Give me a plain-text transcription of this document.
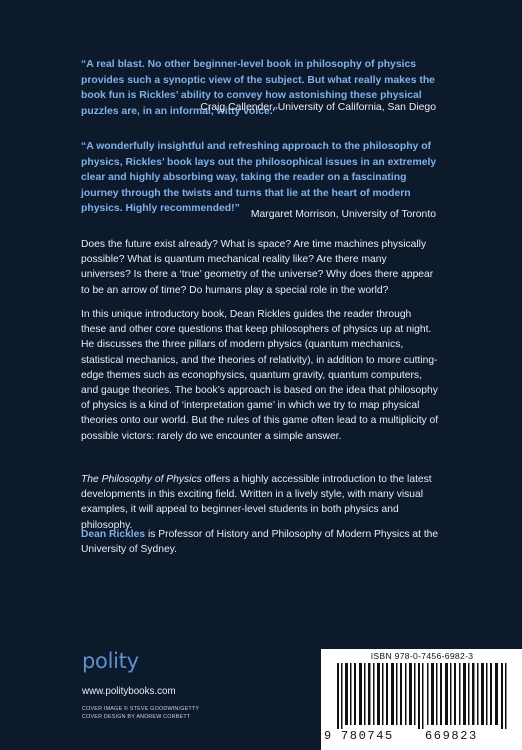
“A real blast. No other beginner-level book in philosophy of physics provides such a synoptic view of the subject. But what really makes the book fun is Rickles’ ability to convey how astonishing these physical puzzles are, in an informal, witty voice.”
Craig Callender, University of California, San Diego
“A wonderfully insightful and refreshing approach to the philosophy of physics, Rickles’ book lays out the philosophical issues in an extremely clear and highly absorbing way, taking the reader on a fascinating journey through the twists and turns that lie at the heart of modern physics. Highly recommended!”
Margaret Morrison, University of Toronto
Does the future exist already? What is space? Are time machines physically possible? What is quantum mechanical reality like? Are there many universes? Is there a ‘true’ geometry of the universe? Why does there appear to be an arrow of time? Do humans play a special role in the world?
In this unique introductory book, Dean Rickles guides the reader through these and other core questions that keep philosophers of physics up at night. He discusses the three pillars of modern physics (quantum mechanics, statistical mechanics, and the theories of relativity), in addition to more cutting-edge themes such as econophysics, quantum gravity, quantum computers, and gauge theories. The book’s approach is based on the idea that philosophy of physics is a kind of ‘interpretation game’ in which we try to map physical theories onto our world. But the rules of this game often lead to a multiplicity of possible victors: rarely do we encounter a simple answer.
The Philosophy of Physics offers a highly accessible introduction to the latest developments in this exciting field. Written in a lively style, with many visual examples, it will appeal to beginner-level students in both physics and philosophy.
Dean Rickles is Professor of History and Philosophy of Modern Physics at the University of Sydney.
polity
www.politybooks.com
COVER IMAGE © STEVE GOODWIN/GETTY
COVER DESIGN BY ANDREW CORBETT
ISBN 978-0-7456-6982-3
9 780745	669823
